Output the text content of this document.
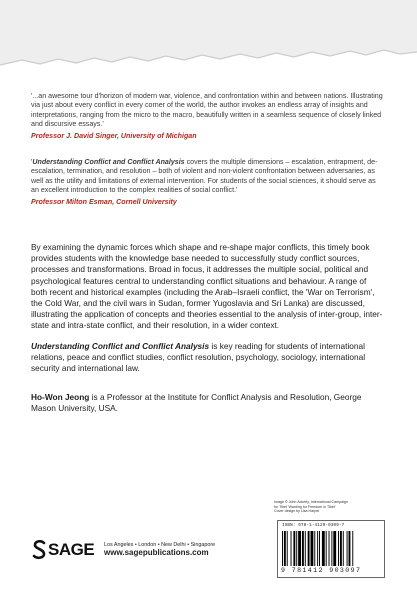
'...an awesome tour d'horizon of modern war, violence, and confrontation within and between nations. Illustrating via just about every conflict in every corner of the world, the author invokes an endless array of insights and interpretations, ranging from the micro to the macro, beautifully written in a seamless sequence of closely linked and discursive essays.'

Professor J. David Singer, University of Michigan

'Understanding Conflict and Conflict Analysis covers the multiple dimensions – escalation, entrapment, de-escalation, termination, and resolution – both of violent and non-violent confrontation between adversaries, as well as the utility and limitations of external intervention. For students of the social sciences, it should serve as an excellent introduction to the complex realities of social conflict.'

Professor Milton Esman, Cornell University

By examining the dynamic forces which shape and re-shape major conflicts, this timely book provides students with the knowledge base needed to successfully study conflict sources, processes and transformations. Broad in focus, it addresses the multiple social, political and psychological features central to understanding conflict situations and behaviour. A range of both recent and historical examples (including the Arab–Israeli conflict, the 'War on Terrorism', the Cold War, and the civil wars in Sudan, former Yugoslavia and Sri Lanka) are discussed, illustrating the application of concepts and theories essential to the analysis of inter-group, inter-state and intra-state conflict, and their resolution, in a wider context.

Understanding Conflict and Conflict Analysis is key reading for students of international relations, peace and conflict studies, conflict resolution, psychology, sociology, international security and international law.

Ho-Won Jeong is a Professor at the Institute for Conflict Analysis and Resolution, George Mason University, USA.

Image © John Ackerly, International Campaign
for Tibet 'Wanting for Freedom in Tibet'
Cover design by Lisa Harper
ISBN: 978-1-4129-0309-7
9 781412 903097
SAGE Los Angeles • London • New Delhi • Singapore
www.sagepublications.com
